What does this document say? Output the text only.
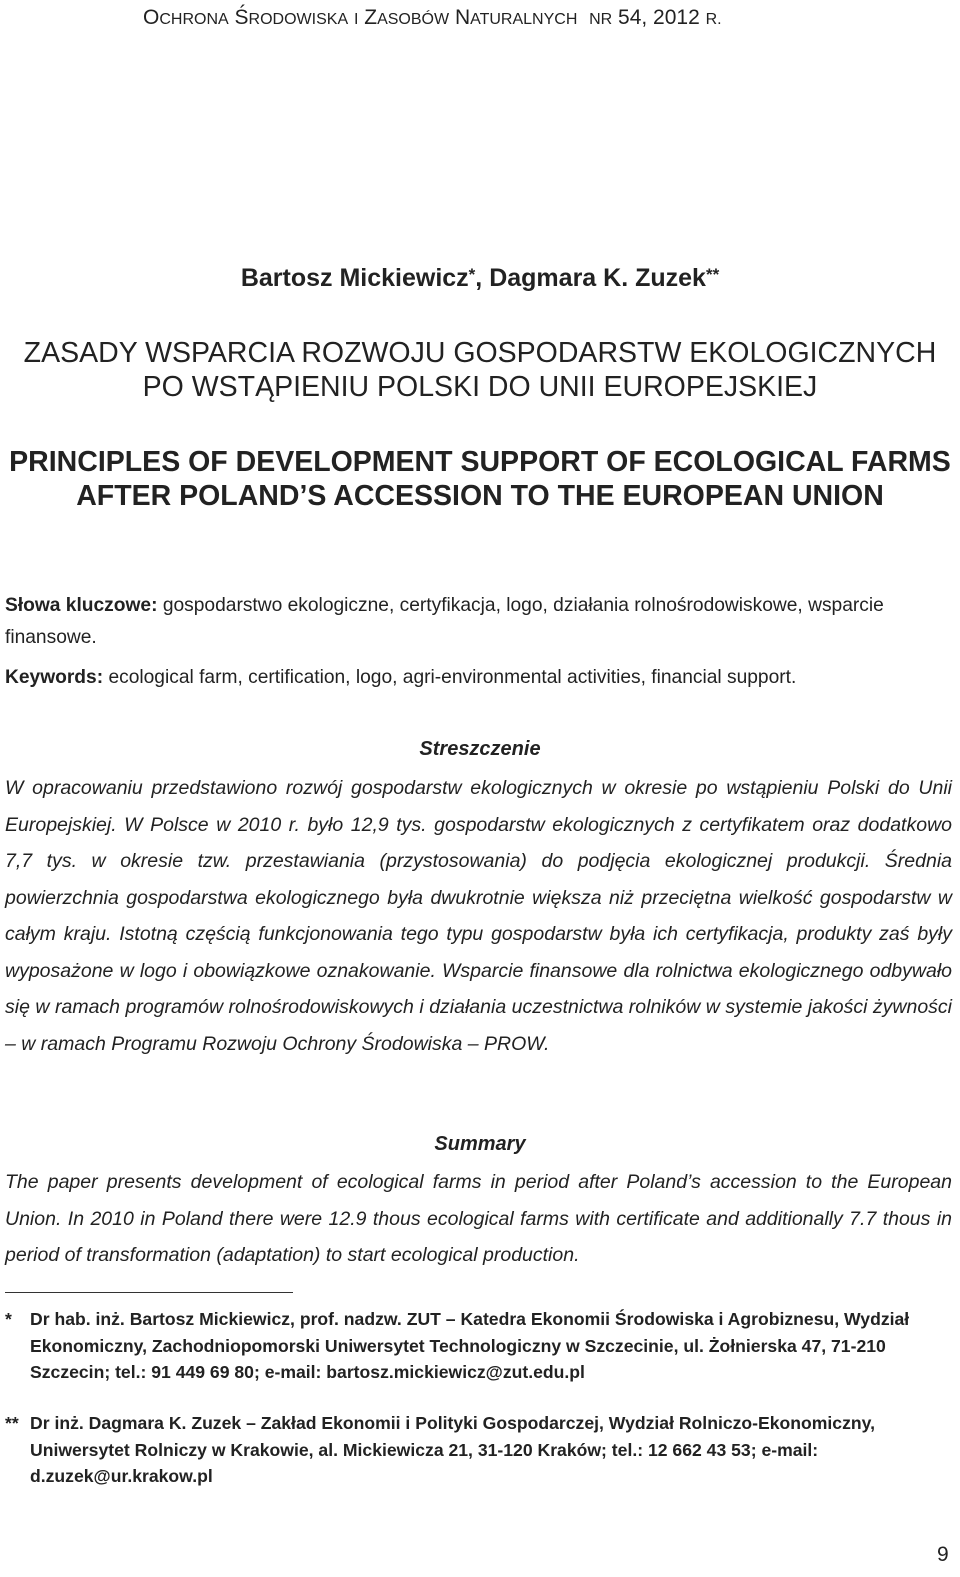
OCHRONA ŚRODOWISKA I ZASOBÓW NATURALNYCH NR 54, 2012 R.
Bartosz Mickiewicz*, Dagmara K. Zuzek**
ZASADY WSPARCIA ROZWOJU GOSPODARSTW EKOLOGICZNYCH
PO WSTĄPIENIU POLSKI DO UNII EUROPEJSKIEJ
PRINCIPLES OF DEVELOPMENT SUPPORT OF ECOLOGICAL FARMS
AFTER POLAND’S ACCESSION TO THE EUROPEAN UNION
Słowa kluczowe: gospodarstwo ekologiczne, certyfikacja, logo, działania rolnośrodowiskowe, wsparcie finansowe.
Keywords: ecological farm, certification, logo, agri-environmental activities, financial support.
Streszczenie
W opracowaniu przedstawiono rozwój gospodarstw ekologicznych w okresie po wstąpieniu Polski do Unii Europejskiej. W Polsce w 2010 r. było 12,9 tys. gospodarstw ekologicznych z certyfikatem oraz dodatkowo 7,7 tys. w okresie tzw. przestawiania (przystosowania) do podjęcia ekologicznej produkcji. Średnia powierzchnia gospodarstwa ekologicznego była dwukrotnie większa niż przeciętna wielkość gospodarstw w całym kraju. Istotną częścią funkcjonowania tego typu gospodarstw była ich certyfikacja, produkty zaś były wyposażone w logo i obowiązkowe oznakowanie. Wsparcie finansowe dla rolnictwa ekologicznego odbywało się w ramach programów rolnośrodowiskowych i działania uczestnictwa rolników w systemie jakości żywności – w ramach Programu Rozwoju Ochrony Środowiska – PROW.
Summary
The paper presents development of ecological farms in period after Poland’s accession to the European Union. In 2010 in Poland there were 12.9 thous ecological farms with certificate and additionally 7.7 thous in period of transformation (adaptation) to start ecological production.
* Dr hab. inż. Bartosz Mickiewicz, prof. nadzw. ZUT – Katedra Ekonomii Środowiska i Agrobiznesu, Wydział Ekonomiczny, Zachodniopomorski Uniwersytet Technologiczny w Szczecinie, ul. Żołnierska 47, 71-210 Szczecin; tel.: 91 449 69 80; e-mail: bartosz.mickiewicz@zut.edu.pl
** Dr inż. Dagmara K. Zuzek – Zakład Ekonomii i Polityki Gospodarczej, Wydział Rolniczo-Ekonomiczny, Uniwersytet Rolniczy w Krakowie, al. Mickiewicza 21, 31-120 Kraków; tel.: 12 662 43 53; e-mail: d.zuzek@ur.krakow.pl
9
